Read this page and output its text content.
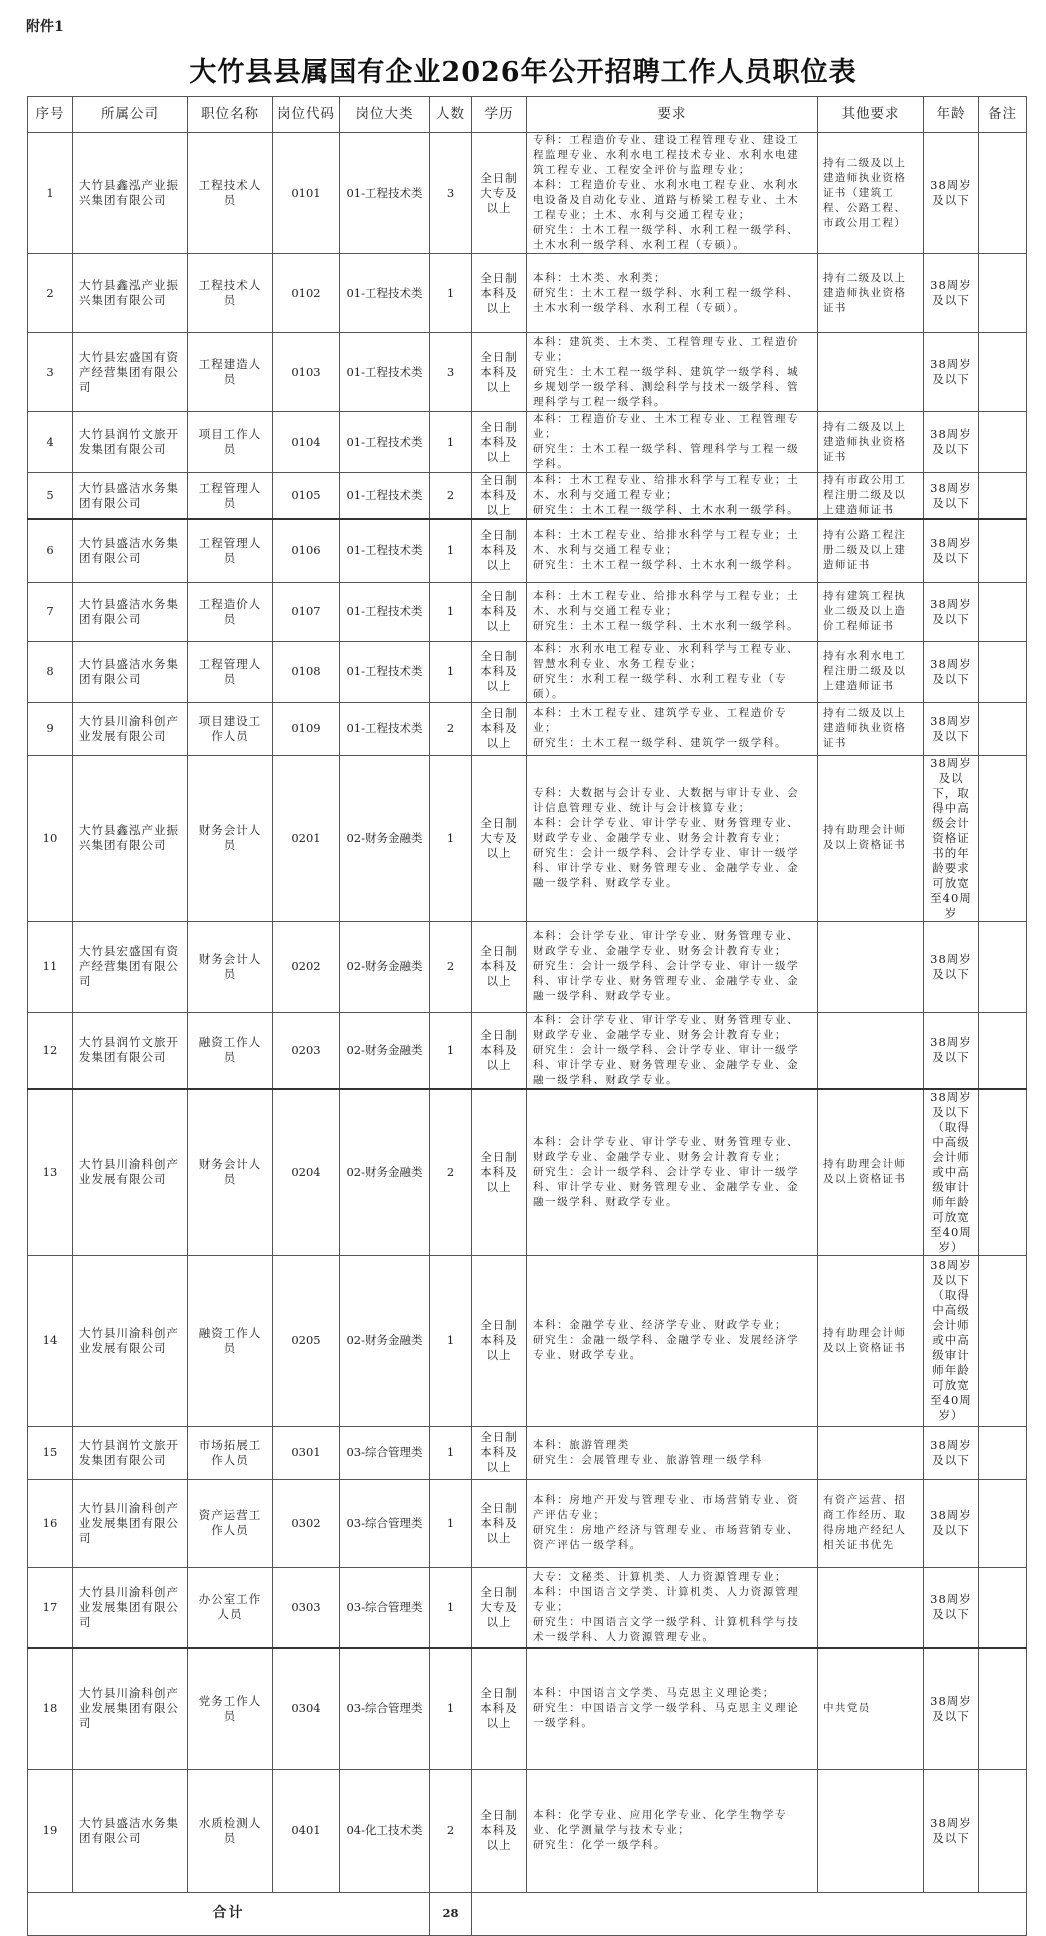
附件1
大竹县县属国有企业2026年公开招聘工作人员职位表
序号	所属公司	职位名称	岗位代码	岗位大类	人数	学历	要求	其他要求	年龄	备注
1	大竹县鑫泓产业振兴集团有限公司	工程技术人员	0101	01-工程技术类	3	全日制大专及以上	专科：工程造价专业、建设工程管理专业、建设工程监理专业、水利水电工程技术专业、水利水电建筑工程专业、工程安全评价与监理专业；
本科：工程造价专业、水利水电工程专业、水利水电设备及自动化专业、道路与桥梁工程专业、土木工程专业；土木、水利与交通工程专业；
研究生：土木工程一级学科、水利工程一级学科、土木水利一级学科、水利工程（专硕）。	持有二级及以上建造师执业资格证书（建筑工程、公路工程、市政公用工程）	38周岁及以下	
2	大竹县鑫泓产业振兴集团有限公司	工程技术人员	0102	01-工程技术类	1	全日制本科及以上	本科：土木类、水利类；
研究生：土木工程一级学科、水利工程一级学科、土木水利一级学科、水利工程（专硕）。	持有二级及以上建造师执业资格证书	38周岁及以下	
3	大竹县宏盛国有资产经营集团有限公司	工程建造人员	0103	01-工程技术类	3	全日制本科及以上	本科：建筑类、土木类、工程管理专业、工程造价专业；
研究生：土木工程一级学科、建筑学一级学科、城乡规划学一级学科、测绘科学与技术一级学科、管理科学与工程一级学科。		38周岁及以下	
4	大竹县润竹文旅开发集团有限公司	项目工作人员	0104	01-工程技术类	1	全日制本科及以上	本科：工程造价专业、土木工程专业、工程管理专业；
研究生：土木工程一级学科、管理科学与工程一级学科。	持有二级及以上建造师执业资格证书	38周岁及以下	
5	大竹县盛洁水务集团有限公司	工程管理人员	0105	01-工程技术类	2	全日制本科及以上	本科：土木工程专业、给排水科学与工程专业；土木、水利与交通工程专业；
研究生：土木工程一级学科、土木水利一级学科。	持有市政公用工程注册二级及以上建造师证书	38周岁及以下	
6	大竹县盛洁水务集团有限公司	工程管理人员	0106	01-工程技术类	1	全日制本科及以上	本科：土木工程专业、给排水科学与工程专业；土木、水利与交通工程专业；
研究生：土木工程一级学科、土木水利一级学科。	持有公路工程注册二级及以上建造师证书	38周岁及以下	
7	大竹县盛洁水务集团有限公司	工程造价人员	0107	01-工程技术类	1	全日制本科及以上	本科：土木工程专业、给排水科学与工程专业；土木、水利与交通工程专业；
研究生：土木工程一级学科、土木水利一级学科。	持有建筑工程执业二级及以上造价工程师证书	38周岁及以下	
8	大竹县盛洁水务集团有限公司	工程管理人员	0108	01-工程技术类	1	全日制本科及以上	本科：水利水电工程专业、水利科学与工程专业、智慧水利专业、水务工程专业；
研究生：水利工程一级学科、水利工程专业（专硕）。	持有水利水电工程注册二级及以上建造师证书	38周岁及以下	
9	大竹县川渝科创产业发展有限公司	项目建设工作人员	0109	01-工程技术类	2	全日制本科及以上	本科：土木工程专业、建筑学专业、工程造价专业；
研究生：土木工程一级学科、建筑学一级学科。	持有二级及以上建造师执业资格证书	38周岁及以下	
10	大竹县鑫泓产业振兴集团有限公司	财务会计人员	0201	02-财务金融类	1	全日制大专及以上	专科：大数据与会计专业、大数据与审计专业、会计信息管理专业、统计与会计核算专业；
本科：会计学专业、审计学专业、财务管理专业、财政学专业、金融学专业、财务会计教育专业；
研究生：会计一级学科、会计学专业、审计一级学科、审计学专业、财务管理专业、金融学专业、金融一级学科、财政学专业。	持有助理会计师及以上资格证书	38周岁及以下，取得中高级会计资格证书的年龄要求可放宽至40周岁	
11	大竹县宏盛国有资产经营集团有限公司	财务会计人员	0202	02-财务金融类	2	全日制本科及以上	本科：会计学专业、审计学专业、财务管理专业、财政学专业、金融学专业、财务会计教育专业；
研究生：会计一级学科、会计学专业、审计一级学科、审计学专业、财务管理专业、金融学专业、金融一级学科、财政学专业。		38周岁及以下	
12	大竹县润竹文旅开发集团有限公司	融资工作人员	0203	02-财务金融类	1	全日制本科及以上	本科：会计学专业、审计学专业、财务管理专业、财政学专业、金融学专业、财务会计教育专业；
研究生：会计一级学科、会计学专业、审计一级学科、审计学专业、财务管理专业、金融学专业、金融一级学科、财政学专业。		38周岁及以下	
13	大竹县川渝科创产业发展有限公司	财务会计人员	0204	02-财务金融类	2	全日制本科及以上	本科：会计学专业、审计学专业、财务管理专业、财政学专业、金融学专业、财务会计教育专业；
研究生：会计一级学科、会计学专业、审计一级学科、审计学专业、财务管理专业、金融学专业、金融一级学科、财政学专业。	持有助理会计师及以上资格证书	38周岁及以下（取得中高级会计师或中高级审计师年龄可放宽至40周岁）	
14	大竹县川渝科创产业发展有限公司	融资工作人员	0205	02-财务金融类	1	全日制本科及以上	本科：金融学专业、经济学专业、财政学专业；
研究生：金融一级学科、金融学专业、发展经济学专业、财政学专业。	持有助理会计师及以上资格证书	38周岁及以下（取得中高级会计师或中高级审计师年龄可放宽至40周岁）	
15	大竹县润竹文旅开发集团有限公司	市场拓展工作人员	0301	03-综合管理类	1	全日制本科及以上	本科：旅游管理类
研究生：会展管理专业、旅游管理一级学科		38周岁及以下	
16	大竹县川渝科创产业发展集团有限公司	资产运营工作人员	0302	03-综合管理类	1	全日制本科及以上	本科：房地产开发与管理专业、市场营销专业、资产评估专业；
研究生：房地产经济与管理专业、市场营销专业、资产评估一级学科。	有资产运营、招商工作经历、取得房地产经纪人相关证书优先	38周岁及以下	
17	大竹县川渝科创产业发展集团有限公司	办公室工作人员	0303	03-综合管理类	1	全日制大专及以上	大专：文秘类、计算机类、人力资源管理专业；
本科：中国语言文学类、计算机类、人力资源管理专业；
研究生：中国语言文学一级学科、计算机科学与技术一级学科、人力资源管理专业。		38周岁及以下	
18	大竹县川渝科创产业发展集团有限公司	党务工作人员	0304	03-综合管理类	1	全日制本科及以上	本科：中国语言文学类、马克思主义理论类；
研究生：中国语言文学一级学科、马克思主义理论一级学科。	中共党员	38周岁及以下	
19	大竹县盛洁水务集团有限公司	水质检测人员	0401	04-化工技术类	2	全日制本科及以上	本科：化学专业、应用化学专业、化学生物学专业、化学测量学与技术专业；
研究生：化学一级学科。		38周岁及以下	
合计					28					
